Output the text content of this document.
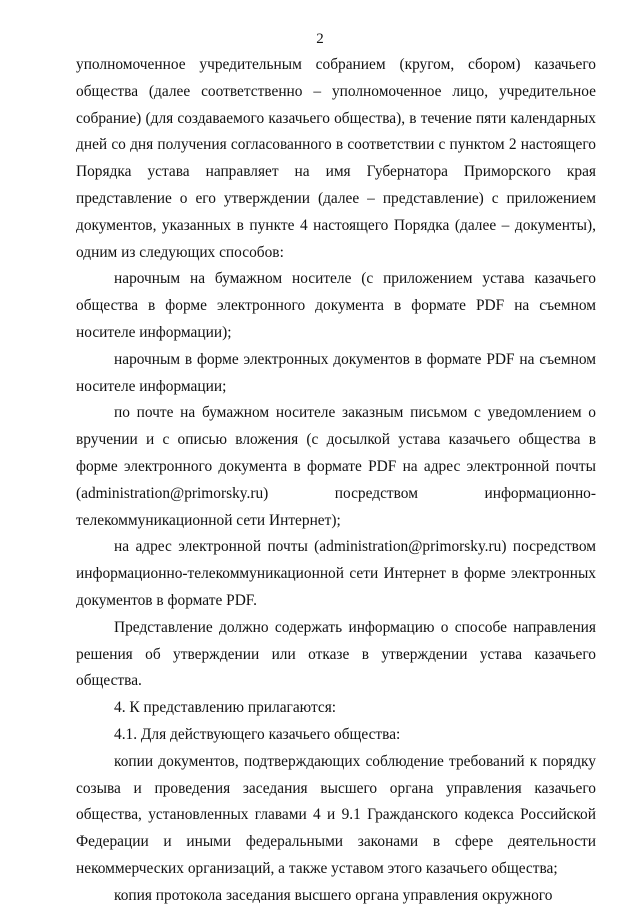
2

уполномоченное учредительным собранием (кругом, сбором) казачьего общества (далее соответственно – уполномоченное лицо, учредительное собрание) (для создаваемого казачьего общества), в течение пяти календарных дней со дня получения согласованного в соответствии с пунктом 2 настоящего Порядка устава направляет на имя Губернатора Приморского края представление о его утверждении (далее – представление) с приложением документов, указанных в пункте 4 настоящего Порядка (далее – документы), одним из следующих способов:

нарочным на бумажном носителе (с приложением устава казачьего общества в форме электронного документа в формате PDF на съемном носителе информации);

нарочным в форме электронных документов в формате PDF на съемном носителе информации;

по почте на бумажном носителе заказным письмом с уведомлением о вручении и с описью вложения (с досылкой устава казачьего общества в форме электронного документа в формате PDF на адрес электронной почты (administration@primorsky.ru) посредством информационно-телекоммуникационной сети Интернет);

на адрес электронной почты (administration@primorsky.ru) посредством информационно-телекоммуникационной сети Интернет в форме электронных документов в формате PDF.

Представление должно содержать информацию о способе направления решения об утверждении или отказе в утверждении устава казачьего общества.

4. К представлению прилагаются:

4.1. Для действующего казачьего общества:

копии документов, подтверждающих соблюдение требований к порядку созыва и проведения заседания высшего органа управления казачьего общества, установленных главами 4 и 9.1 Гражданского кодекса Российской Федерации и иными федеральными законами в сфере деятельности некоммерческих организаций, а также уставом этого казачьего общества;

копия протокола заседания высшего органа управления окружного
